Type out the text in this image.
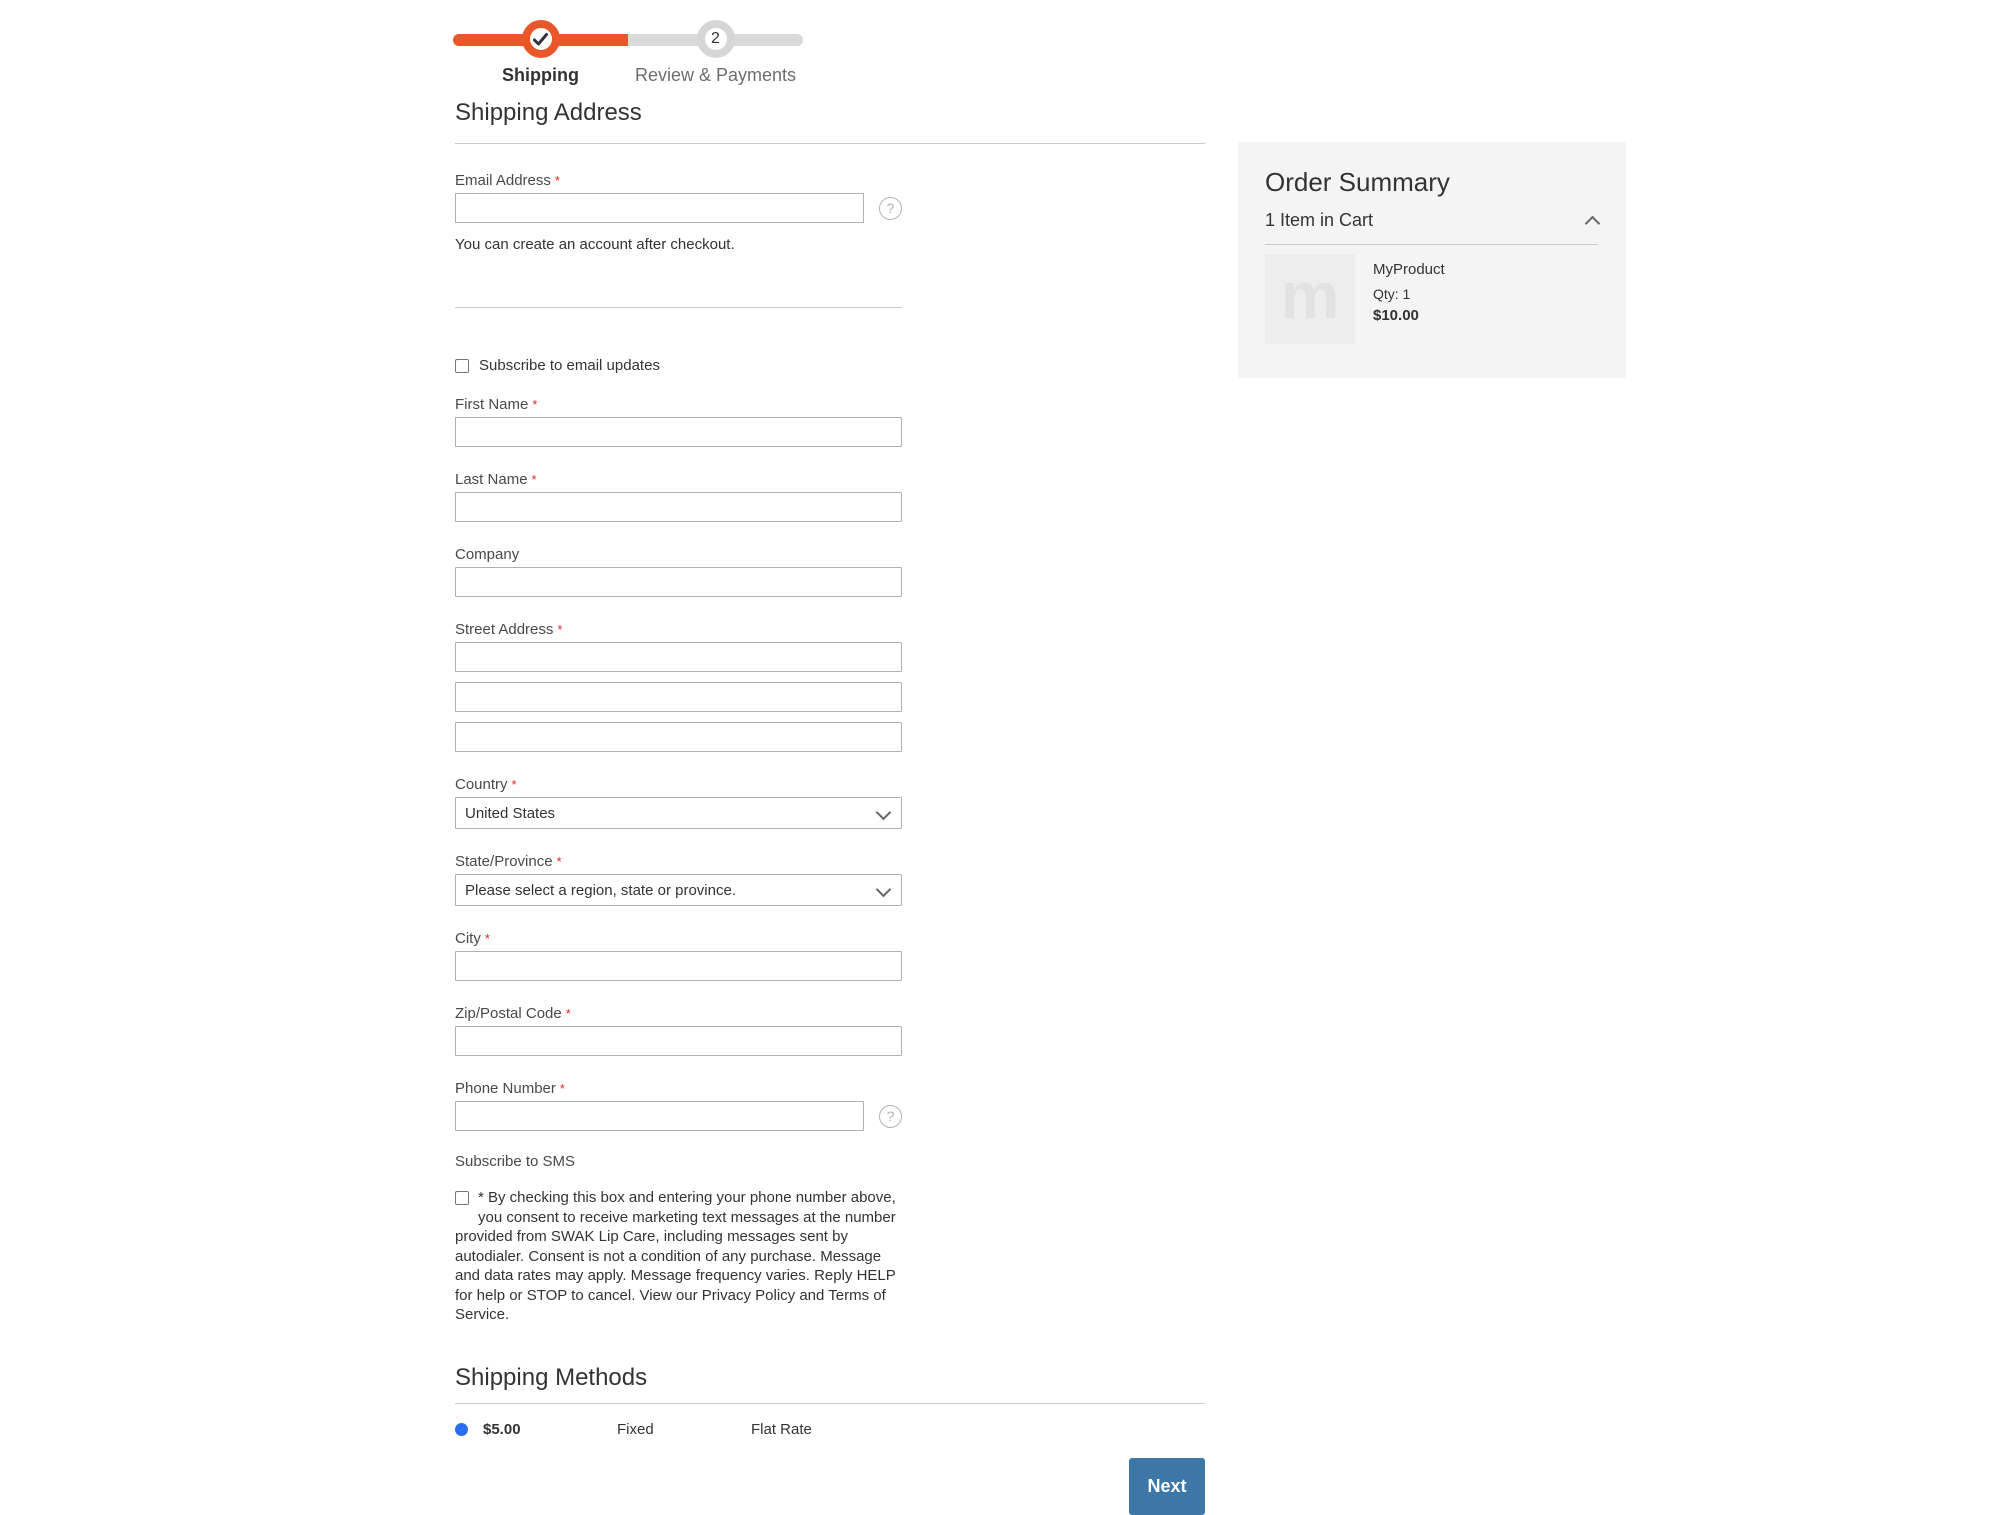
Shipping
2
Review & Payments
Shipping Address
Email Address *
?

You can create an account after checkout.

Subscribe to email updates
First Name *
Last Name *
Company
Street Address *

Country *
United States
State/Province *
Please select a region, state or province.
City *
Zip/Postal Code *
Phone Number *
?
Subscribe to SMS

* By checking this box and entering your phone number above, you consent to receive marketing text messages at the number provided from SWAK Lip Care, including messages sent by autodialer. Consent is not a condition of any purchase. Message and data rates may apply. Message frequency varies. Reply HELP for help or STOP to cancel. View our Privacy Policy and Terms of Service.

Shipping Methods
$5.00	Fixed	Flat Rate
Next
Order Summary
1 Item in Cart
m MyProduct
Qty: 1
$10.00
